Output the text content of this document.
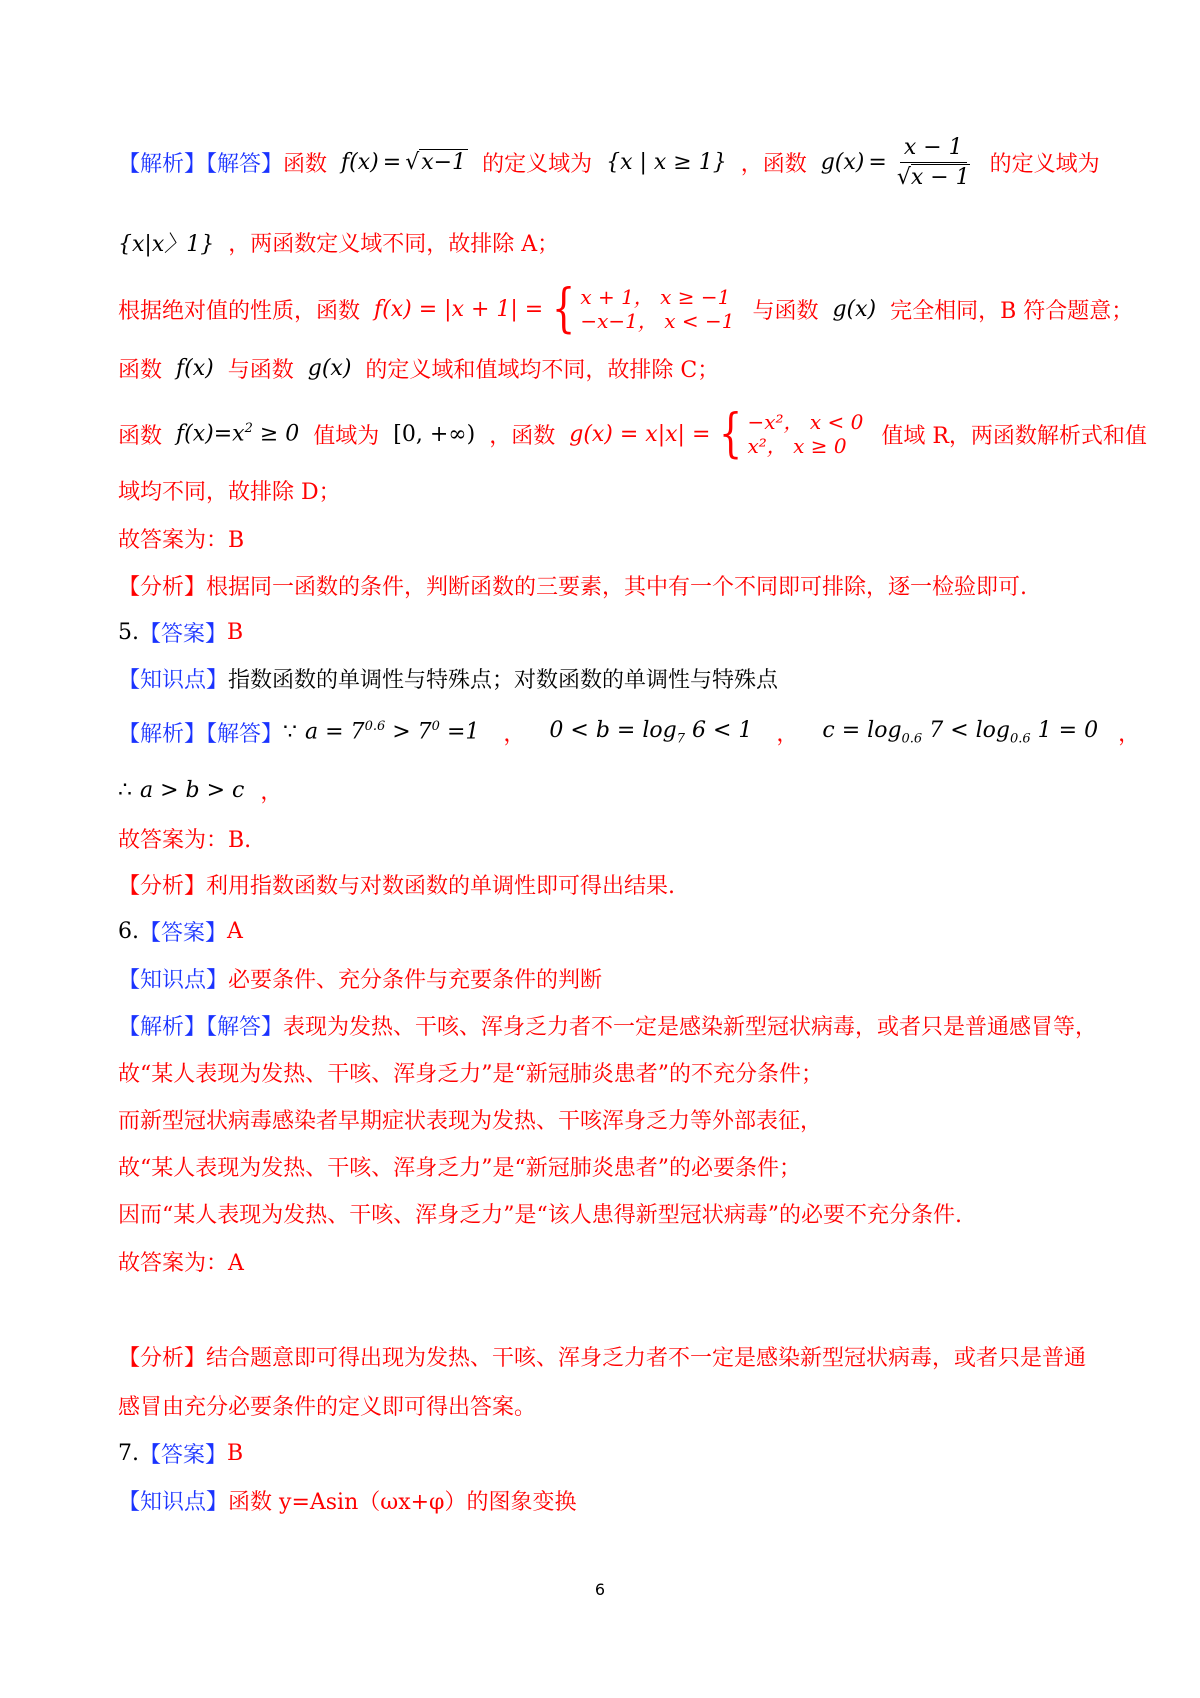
【解析】【解答】 函数 f(x) = √ x−1 的定义域为 {x | x ≥ 1} ，函数 $g(x) = \frac{x - 1}{√x - 1}$ 的定义域为
{x|x〉1} ，两函数定义域不同，故排除 A；
根据绝对值的性质，函数 f(x) = |x + 1| = { x + 1， x ≥ −1
−x−1， x < −1 与函数 g(x) 完全相同，B 符合题意；
函数 f(x) 与函数 g(x) 的定义域和值域均不同，故排除 C；
函数 $f(x)=x^2 \ge 0$ 值域为 [0, +∞) ，函数 g(x) = x|x| = { −x²， x < 0
x²， x ≥ 0	值域 R，两函数解析式和值
域均不同，故排除 D；
故答案为：B
【分析】 根据同一函数的条件，判断函数的三要素，其中有一个不同即可排除，逐一检验即可.
5. 【答案】 B
【知识点】 指数函数的单调性与特殊点；对数函数的单调性与特殊点
【解析】【解答】 ∵ $a = 7^{0.6} > 7^0 =1$ ， $0 < b = \log_7 6 < 1$ ， $c = \log_{0.6} 7 < \log_{0.6} 1 = 0$ ，
∴ a > b > c ，
故答案为：B.
【分析】 利用指数函数与对数函数的单调性即可得出结果.
6. 【答案】 A
【知识点】 必要条件、充分条件与充要条件的判断
【解析】【解答】 表现为发热、干咳、浑身乏力者不一定是感染新型冠状病毒，或者只是普通感冒等，
故“某人表现为发热、干咳、浑身乏力”是“新冠肺炎患者”的不充分条件；
而新型冠状病毒感染者早期症状表现为发热、干咳浑身乏力等外部表征，
故“某人表现为发热、干咳、浑身乏力”是“新冠肺炎患者”的必要条件；
因而“某人表现为发热、干咳、浑身乏力”是“该人患得新型冠状病毒”的必要不充分条件.
故答案为：A
【分析】 结合题意即可得出现为发热、干咳、浑身乏力者不一定是感染新型冠状病毒，或者只是普通
感冒由充分必要条件的定义即可得出答案。
7. 【答案】 B
【知识点】 函数 y=Asin（ωx+φ）的图象变换
6
